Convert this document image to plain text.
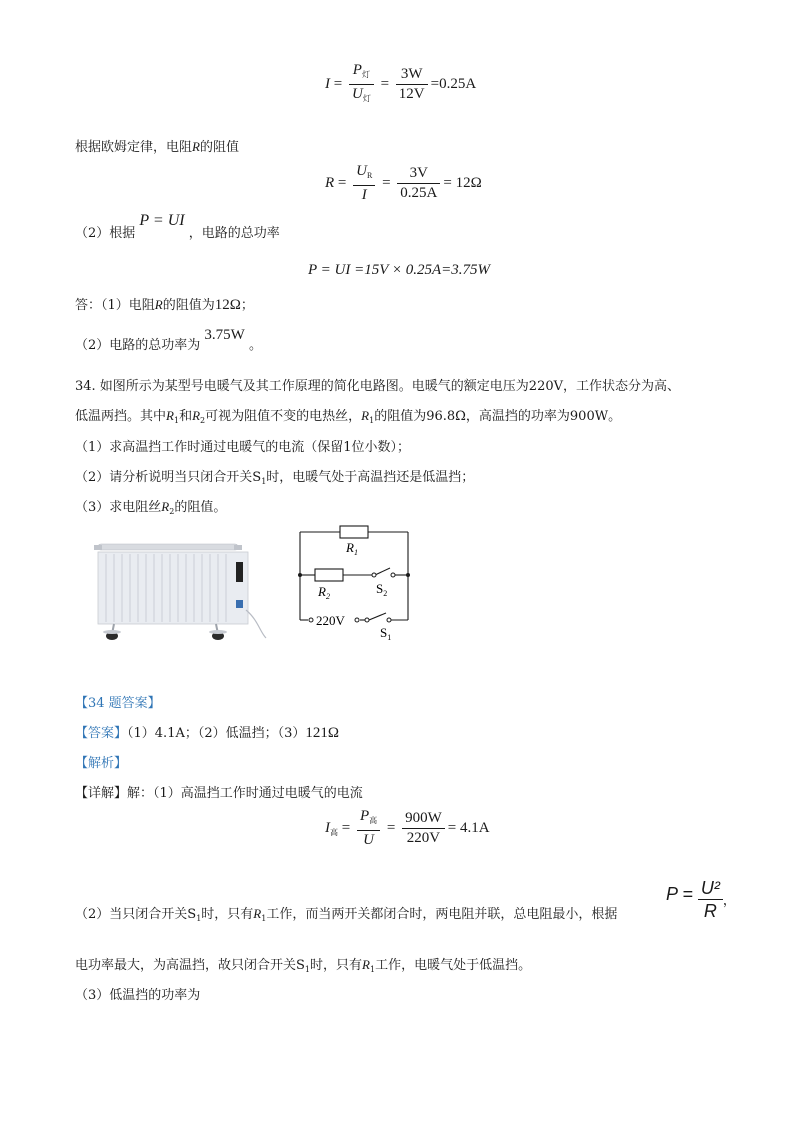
$I = \frac{P_灯}{U_灯} = \frac{3W}{12V} =0.25A$
根据欧姆定律，电阻R的阻值
$R = \frac{U_R}{I} = \frac{3V}{0.25A} = 12\Omega$
（2）根据 P = UI ，电路的总功率
P = UI =15V × 0.25A=3.75W
答：（1）电阻R的阻值为12Ω；
（2）电路的总功率为 3.75W 。
34. 如图所示为某型号电暖气及其工作原理的简化电路图。电暖气的额定电压为220V，工作状态分为高、
低温两挡。其中$R_1$和$R_2$可视为阻值不变的电热丝，$R_1$的阻值为96.8Ω，高温挡的功率为900W。
（1）求高温挡工作时通过电暖气的电流（保留1位小数）；
（2）请分析说明当只闭合开关$S_1$时，电暖气处于高温挡还是低温挡；
（3）求电阻丝$R_2$的阻值。
$R_1$
$R_2$
$S_2$
220V
$S_1$
【34 题答案】
【答案】（1）4.1A；（2）低温挡；（3）121Ω
【解析】
【详解】解：（1）高温挡工作时通过电暖气的电流
$I_高 = \frac{P_高}{U} = \frac{900W}{220V} = 4.1A$
（2）当只闭合开关$S_1$时，只有$R_1$工作，而当两开关都闭合时，两电阻并联，总电阻最小，根据
$P = \frac{\text{U²}}{R}$ ，
电功率最大，为高温挡，故只闭合开关$S_1$时，只有$R_1$工作，电暖气处于低温挡。
（3）低温挡的功率为
